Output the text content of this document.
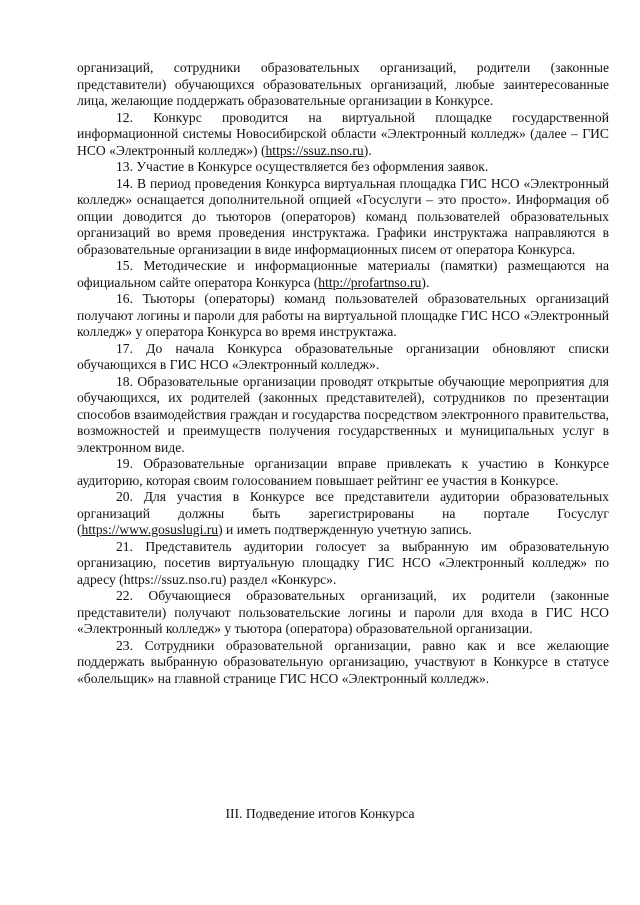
организаций, сотрудники образовательных организаций, родители (законные представители) обучающихся образовательных организаций, любые заинтересованные лица, желающие поддержать образовательные организации в Конкурсе.

12. Конкурс проводится на виртуальной площадке государственной информационной системы Новосибирской области «Электронный колледж» (далее – ГИС НСО «Электронный колледж») (https://ssuz.nso.ru).

13. Участие в Конкурсе осуществляется без оформления заявок.

14. В период проведения Конкурса виртуальная площадка ГИС НСО «Электронный колледж» оснащается дополнительной опцией «Госуслуги – это просто». Информация об опции доводится до тьюторов (операторов) команд пользователей образовательных организаций во время проведения инструктажа. Графики инструктажа направляются в образовательные организации в виде информационных писем от оператора Конкурса.

15. Методические и информационные материалы (памятки) размещаются на официальном сайте оператора Конкурса (http://profartnso.ru).

16. Тьюторы (операторы) команд пользователей образовательных организаций получают логины и пароли для работы на виртуальной площадке ГИС НСО «Электронный колледж» у оператора Конкурса во время инструктажа.

17. До начала Конкурса образовательные организации обновляют списки обучающихся в ГИС НСО «Электронный колледж».

18. Образовательные организации проводят открытые обучающие мероприятия для обучающихся, их родителей (законных представителей), сотрудников по презентации способов взаимодействия граждан и государства посредством электронного правительства, возможностей и преимуществ получения государственных и муниципальных услуг в электронном виде.

19. Образовательные организации вправе привлекать к участию в Конкурсе аудиторию, которая своим голосованием повышает рейтинг ее участия в Конкурсе.

20. Для участия в Конкурсе все представители аудитории образовательных организаций должны быть зарегистрированы на портале Госуслуг (https://www.gosuslugi.ru) и иметь подтвержденную учетную запись.

21. Представитель аудитории голосует за выбранную им образовательную организацию, посетив виртуальную площадку ГИС НСО «Электронный колледж» по адресу (https://ssuz.nso.ru) раздел «Конкурс».

22. Обучающиеся образовательных организаций, их родители (законные представители) получают пользовательские логины и пароли для входа в ГИС НСО «Электронный колледж» у тьютора (оператора) образовательной организации.

23. Сотрудники образовательной организации, равно как и все желающие поддержать выбранную образовательную организацию, участвуют в Конкурсе в статусе «болельщик» на главной странице ГИС НСО «Электронный колледж».

III. Подведение итогов Конкурса
